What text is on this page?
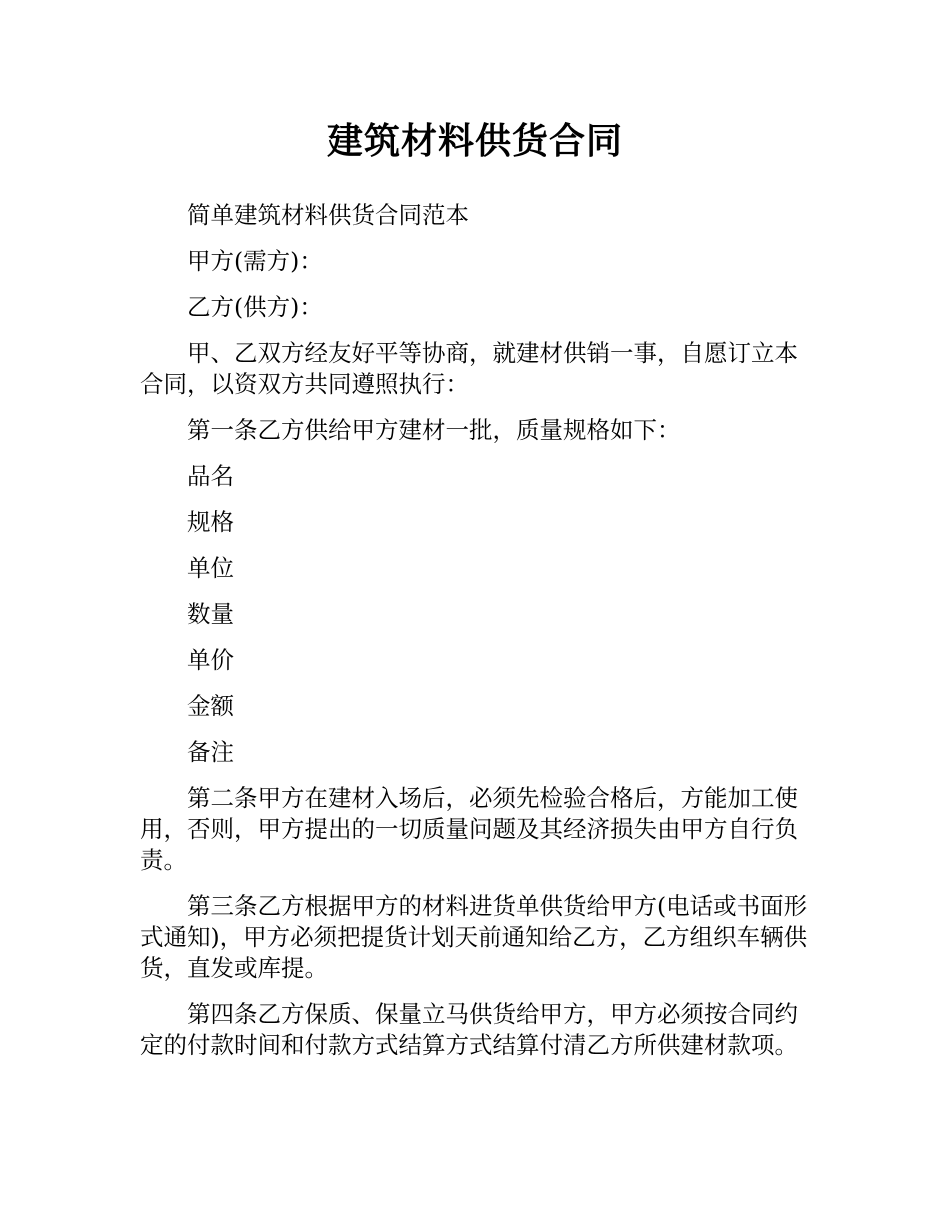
建筑材料供货合同

简单建筑材料供货合同范本

甲方(需方)：

乙方(供方)：

甲、乙双方经友好平等协商，就建材供销一事，自愿订立本合同，以资双方共同遵照执行：

第一条乙方供给甲方建材一批，质量规格如下：

品名

规格

单位

数量

单价

金额

备注

第二条甲方在建材入场后，必须先检验合格后，方能加工使用，否则，甲方提出的一切质量问题及其经济损失由甲方自行负责。

第三条乙方根据甲方的材料进货单供货给甲方(电话或书面形式通知)，甲方必须把提货计划天前通知给乙方，乙方组织车辆供货，直发或库提。

第四条乙方保质、保量立马供货给甲方，甲方必须按合同约定的付款时间和付款方式结算方式结算付清乙方所供建材款项。
